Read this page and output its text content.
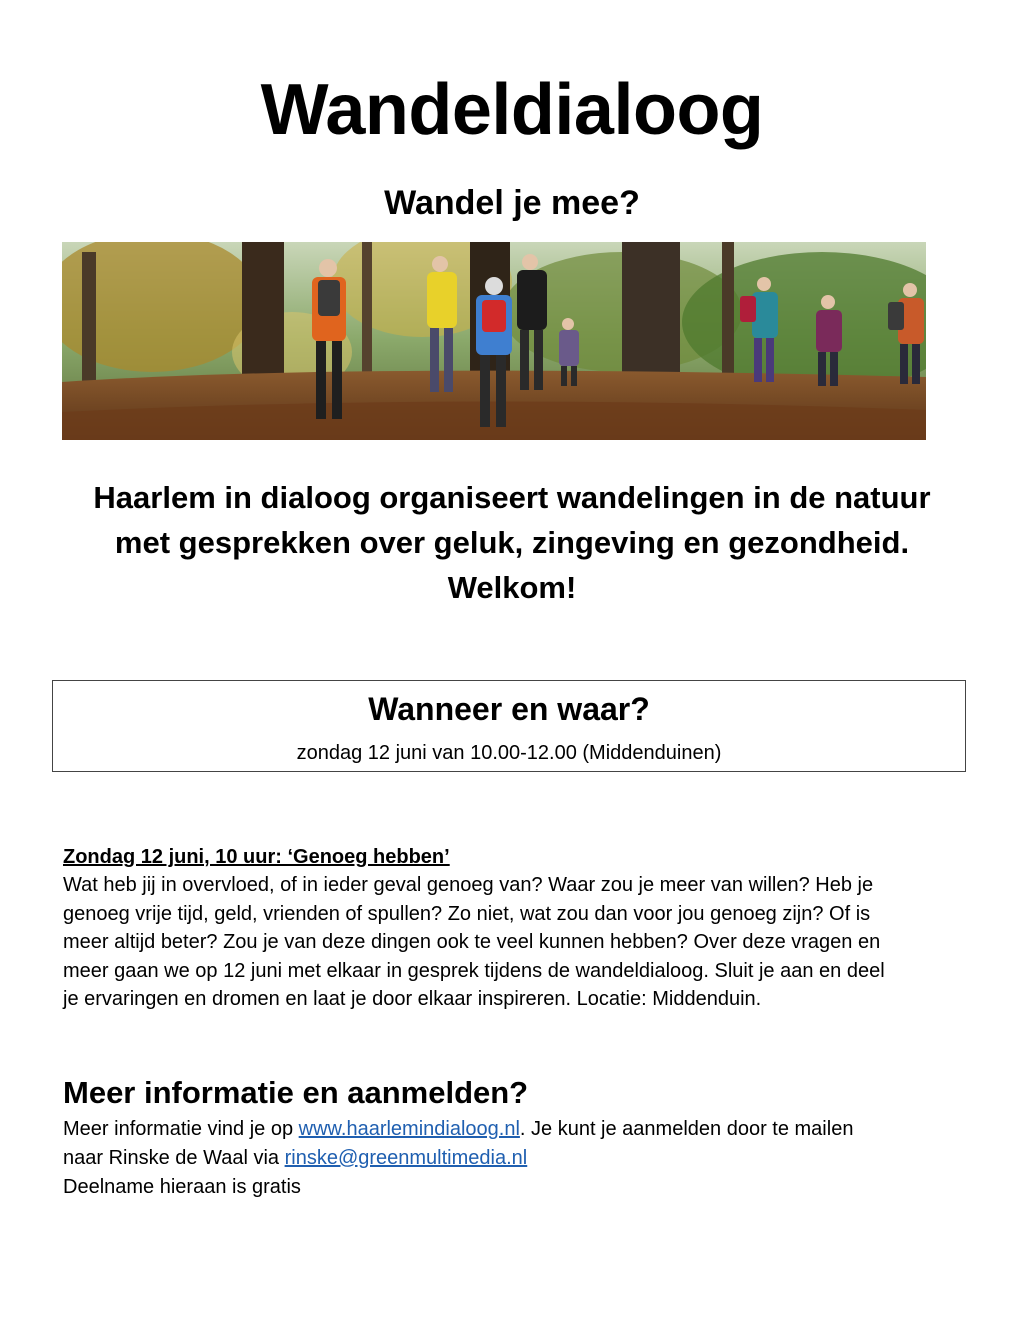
Wandeldialoog
Wandel je mee?
Haarlem in dialoog organiseert wandelingen in de natuur
met gesprekken over geluk, zingeving en gezondheid.
Welkom!
Wanneer en waar?
zondag 12 juni van 10.00-12.00 (Middenduinen)
Zondag 12 juni, 10 uur: ‘Genoeg hebben’
Wat heb jij in overvloed, of in ieder geval genoeg van? Waar zou je meer van willen? Heb je
genoeg vrije tijd, geld, vrienden of spullen? Zo niet, wat zou dan voor jou genoeg zijn? Of is
meer altijd beter? Zou je van deze dingen ook te veel kunnen hebben? Over deze vragen en
meer gaan we op 12 juni met elkaar in gesprek tijdens de wandeldialoog. Sluit je aan en deel
je ervaringen en dromen en laat je door elkaar inspireren. Locatie: Middenduin.
Meer informatie en aanmelden?
Meer informatie vind je op www.haarlemindialoog.nl. Je kunt je aanmelden door te mailen
naar Rinske de Waal via rinske@greenmultimedia.nl
Deelname hieraan is gratis
